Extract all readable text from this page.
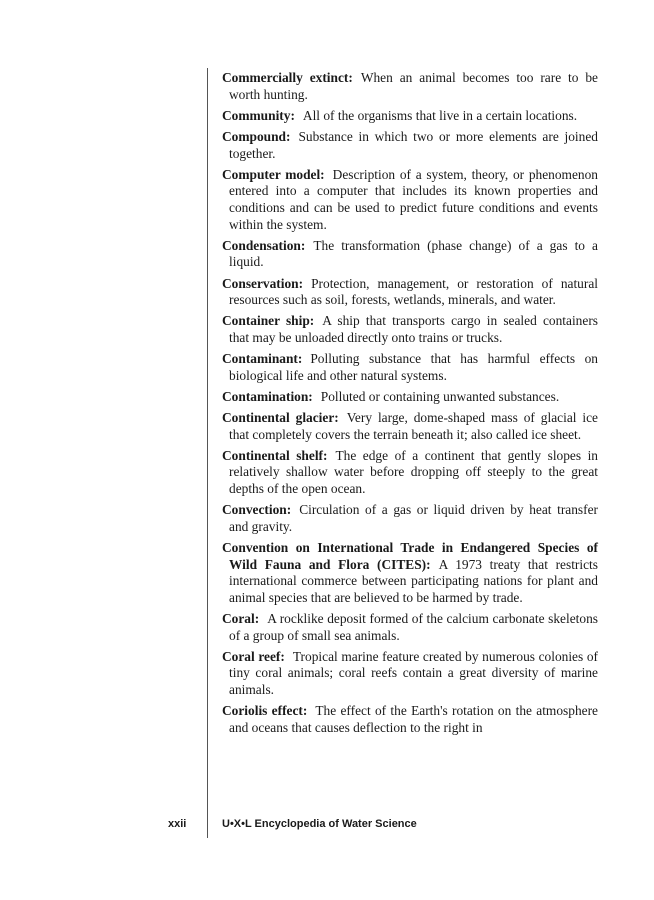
Commercially extinct: When an animal becomes too rare to be worth hunting.
Community: All of the organisms that live in a certain locations.
Compound: Substance in which two or more elements are joined together.
Computer model: Description of a system, theory, or phenomenon entered into a computer that includes its known properties and conditions and can be used to predict future conditions and events within the system.
Condensation: The transformation (phase change) of a gas to a liquid.
Conservation: Protection, management, or restoration of natural resources such as soil, forests, wetlands, minerals, and water.
Container ship: A ship that transports cargo in sealed containers that may be unloaded directly onto trains or trucks.
Contaminant: Polluting substance that has harmful effects on biological life and other natural systems.
Contamination: Polluted or containing unwanted substances.
Continental glacier: Very large, dome-shaped mass of glacial ice that completely covers the terrain beneath it; also called ice sheet.
Continental shelf: The edge of a continent that gently slopes in relatively shallow water before dropping off steeply to the great depths of the open ocean.
Convection: Circulation of a gas or liquid driven by heat transfer and gravity.
Convention on International Trade in Endangered Species of Wild Fauna and Flora (CITES): A 1973 treaty that restricts international commerce between participating nations for plant and animal species that are believed to be harmed by trade.
Coral: A rocklike deposit formed of the calcium carbonate skeletons of a group of small sea animals.
Coral reef: Tropical marine feature created by numerous colonies of tiny coral animals; coral reefs contain a great diversity of marine animals.
Coriolis effect: The effect of the Earth's rotation on the atmosphere and oceans that causes deflection to the right in
xxii	U•X•L Encyclopedia of Water Science
